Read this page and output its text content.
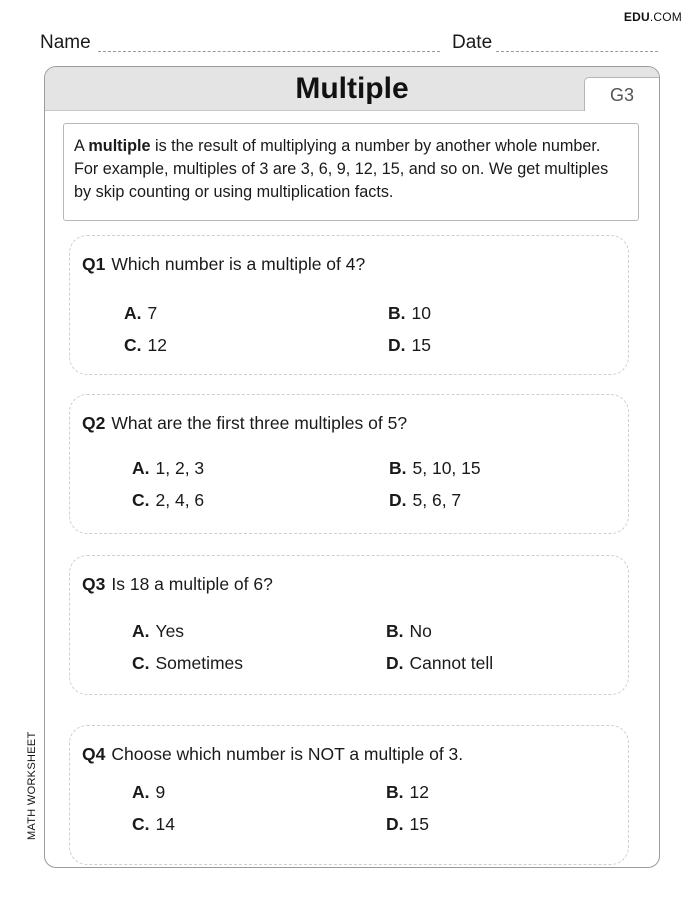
EDU.COM
Name	Date
MATH WORKSHEET
Multiple	G3
A multiple is the result of multiplying a number by another whole number. For example, multiples of 3 are 3, 6, 9, 12, 15, and so on. We get multiples by skip counting or using multiplication facts.
Q1 Which number is a multiple of 4?
A. 7	B. 10
C. 12	D. 15
Q2 What are the first three multiples of 5?
A. 1, 2, 3	B. 5, 10, 15
C. 2, 4, 6	D. 5, 6, 7
Q3 Is 18 a multiple of 6?
A. Yes	B. No
C. Sometimes	D. Cannot tell
Q4 Choose which number is NOT a multiple of 3.
A. 9	B. 12
C. 14	D. 15
